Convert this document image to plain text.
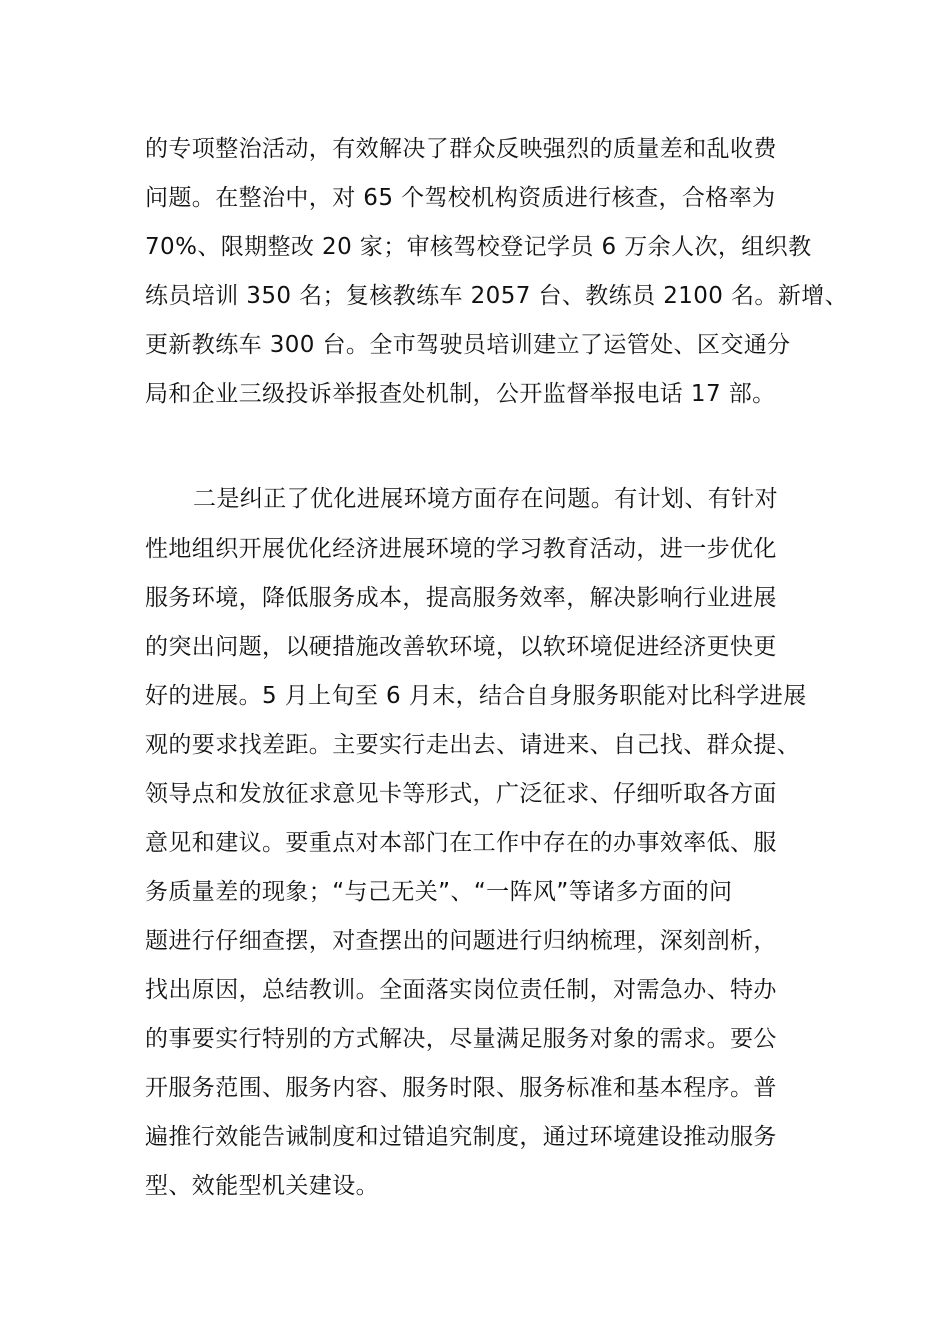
的专项整治活动，有效解决了群众反映强烈的质量差和乱收费

问题。在整治中，对 65 个驾校机构资质进行核查，合格率为

70%、限期整改 20 家；审核驾校登记学员 6 万余人次，组织教

练员培训 350 名；复核教练车 2057 台、教练员 2100 名。新增、

更新教练车 300 台。全市驾驶员培训建立了运管处、区交通分

局和企业三级投诉举报查处机制，公开监督举报电话 17 部。

二是纠正了优化进展环境方面存在问题。有计划、有针对

性地组织开展优化经济进展环境的学习教育活动，进一步优化

服务环境，降低服务成本，提高服务效率，解决影响行业进展

的突出问题，以硬措施改善软环境，以软环境促进经济更快更

好的进展。5 月上旬至 6 月末，结合自身服务职能对比科学进展

观的要求找差距。主要实行走出去、请进来、自己找、群众提、

领导点和发放征求意见卡等形式，广泛征求、仔细听取各方面

意见和建议。要重点对本部门在工作中存在的办事效率低、服

务质量差的现象；“与己无关”、“一阵风”等诸多方面的问

题进行仔细查摆，对查摆出的问题进行归纳梳理，深刻剖析，

找出原因，总结教训。全面落实岗位责任制，对需急办、特办

的事要实行特别的方式解决，尽量满足服务对象的需求。要公

开服务范围、服务内容、服务时限、服务标准和基本程序。普

遍推行效能告诫制度和过错追究制度，通过环境建设推动服务

型、效能型机关建设。
